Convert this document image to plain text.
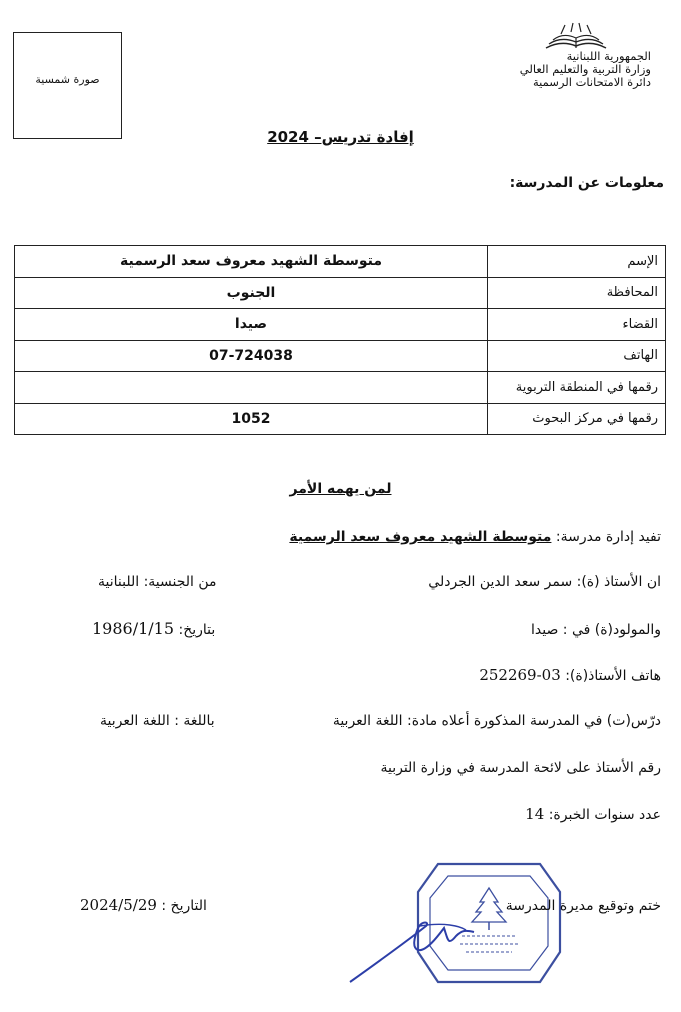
صورة شمسية
الجمهورية اللبنانية
وزارة التربية والتعليم العالي
دائرة الامتحانات الرسمية
إفادة تدريس– 2024
معلومات عن المدرسة:
الإسم	متوسطة الشهيد معروف سعد الرسمية
المحافظة	الجنوب
القضاء	صيدا
الهاتف	07-724038
رقمها في المنطقة التربوية	
رقمها في مركز البحوث	1052
لمن يهمه الأمر
تفيد إدارة مدرسة: متوسطة الشهيد معروف سعد الرسمية
ان الأستاذ (ة): سمر سعد الدين الجردلي
من الجنسية: اللبنانية
والمولود(ة) في : صيدا
بتاريخ: 1986/1/15
هاتف الأستاذ(ة): 03-252269
درّس(ت) في المدرسة المذكورة أعلاه مادة: اللغة العربية
باللغة : اللغة العربية
رقم الأستاذ على لائحة المدرسة في وزارة التربية
عدد سنوات الخبرة: 14
ختم وتوقيع مديرة المدرسة
التاريخ : 2024/5/29
